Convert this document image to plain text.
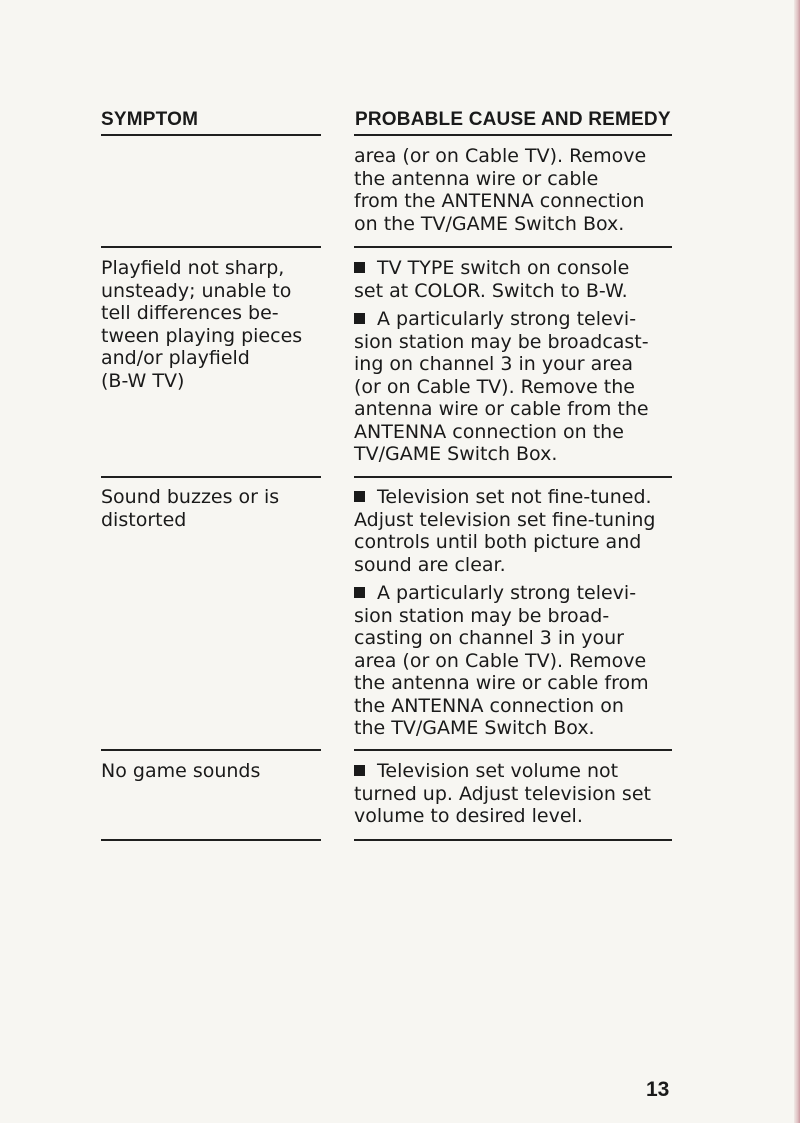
SYMPTOM	PROBABLE CAUSE AND REMEDY
area (or on Cable TV). Remove
the antenna wire or cable
from the ANTENNA connection
on the TV/GAME Switch Box.
Playfield not sharp,
unsteady; unable to
tell differences be-
tween playing pieces
and/or playfield
(B-W TV)
TV TYPE switch on console
set at COLOR. Switch to B-W.
A particularly strong televi-
sion station may be broadcast-
ing on channel 3 in your area
(or on Cable TV). Remove the
antenna wire or cable from the
ANTENNA connection on the
TV/GAME Switch Box.
Sound buzzes or is
distorted
Television set not fine-tuned.
Adjust television set fine-tuning
controls until both picture and
sound are clear.
A particularly strong televi-
sion station may be broad-
casting on channel 3 in your
area (or on Cable TV). Remove
the antenna wire or cable from
the ANTENNA connection on
the TV/GAME Switch Box.
No game sounds	Television set volume not
turned up. Adjust television set
volume to desired level.
13
